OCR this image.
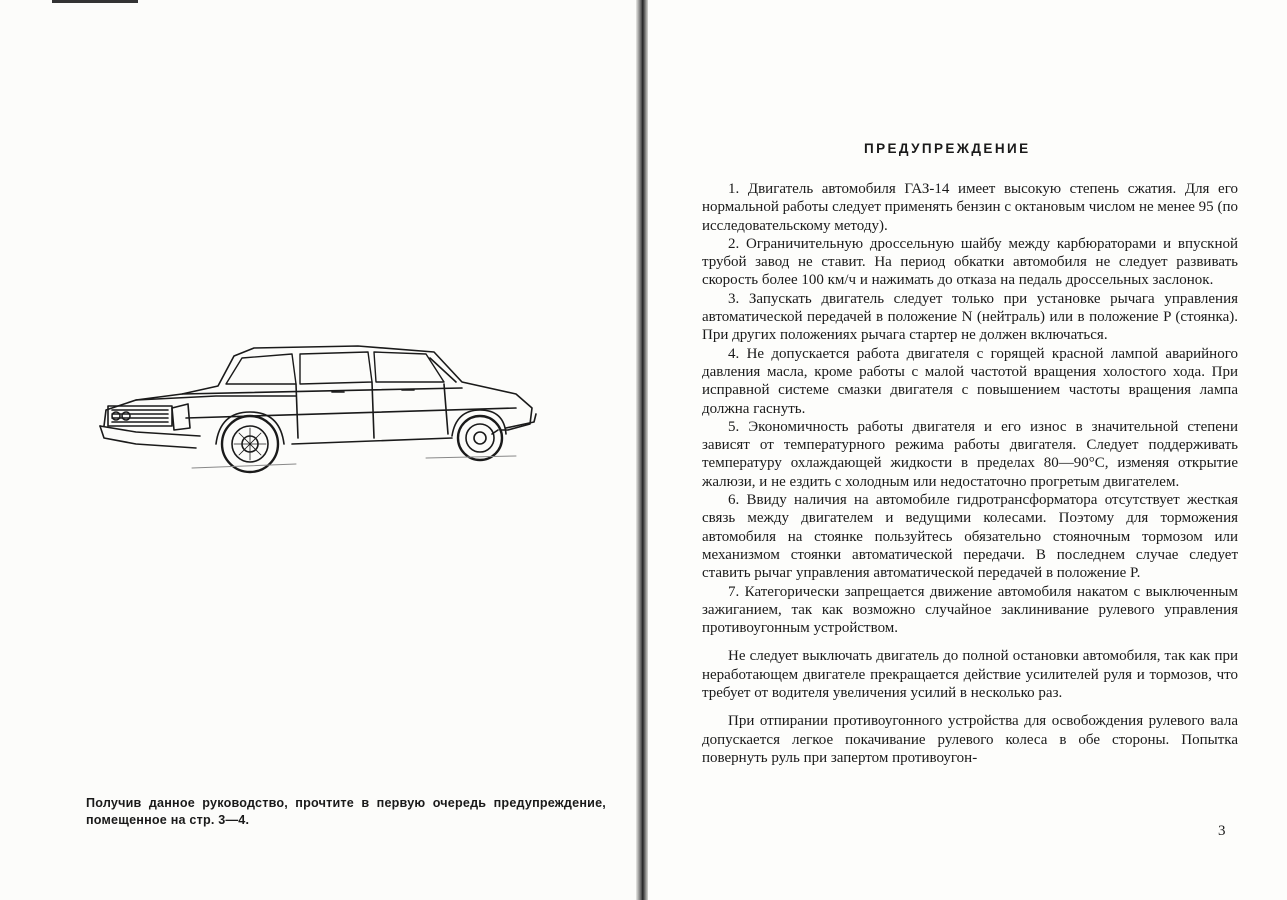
Получив данное руководство, прочтите в первую очередь предупреждение, помещенное на стр. 3—4.

ПРЕДУПРЕЖДЕНИЕ

1. Двигатель автомобиля ГАЗ-14 имеет высокую степень сжатия. Для его нормальной работы следует применять бензин с октановым числом не менее 95 (по исследовательскому методу).

2. Ограничительную дроссельную шайбу между карбюраторами и впускной трубой завод не ставит. На период обкатки автомобиля не следует развивать скорость более 100 км/ч и нажимать до отказа на педаль дроссельных заслонок.

3. Запускать двигатель следует только при установке рычага управления автоматической передачей в положение N (нейтраль) или в положение P (стоянка). При других положениях рычага стартер не должен включаться.

4. Не допускается работа двигателя с горящей красной лампой аварийного давления масла, кроме работы с малой частотой вращения холостого хода. При исправной системе смазки двигателя с повышением частоты вращения лампа должна гаснуть.

5. Экономичность работы двигателя и его износ в значительной степени зависят от температурного режима работы двигателя. Следует поддерживать температуру охлаждающей жидкости в пределах 80—90°С, изменяя открытие жалюзи, и не ездить с холодным или недостаточно прогретым двигателем.

6. Ввиду наличия на автомобиле гидротрансформатора отсутствует жесткая связь между двигателем и ведущими колесами. Поэтому для торможения автомобиля на стоянке пользуйтесь обязательно стояночным тормозом или механизмом стоянки автоматической передачи. В последнем случае следует ставить рычаг управления автоматической передачей в положение P.

7. Категорически запрещается движение автомобиля накатом с выключенным зажиганием, так как возможно случайное заклинивание рулевого управления противоугонным устройством.

Не следует выключать двигатель до полной остановки автомобиля, так как при неработающем двигателе прекращается действие усилителей руля и тормозов, что требует от водителя увеличения усилий в несколько раз.

При отпирании противоугонного устройства для освобождения рулевого вала допускается легкое покачивание рулевого колеса в обе стороны. Попытка повернуть руль при запертом противоугон-

3
